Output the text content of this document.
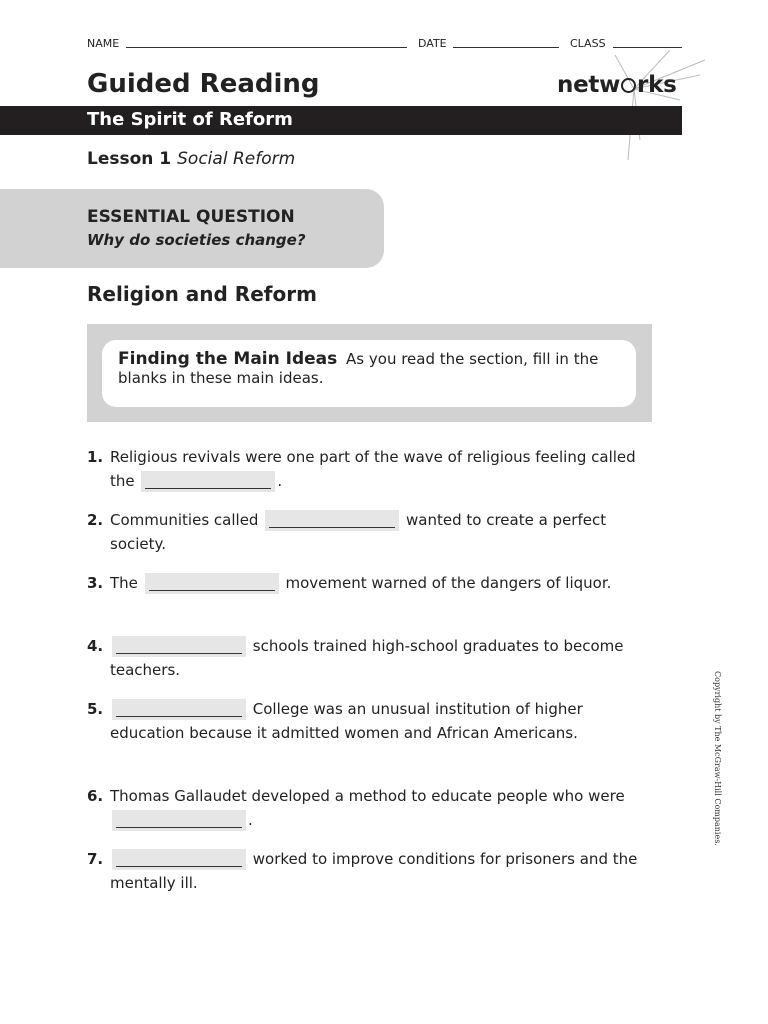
NAME	DATE	CLASS
Guided Reading	netw rks
The Spirit of Reform
Lesson 1 Social Reform
ESSENTIAL QUESTION
Why do societies change?
Religion and Reform
Finding the Main Ideas As you read the section, fill in the blanks in these main ideas.
1. Religious revivals were one part of the wave of religious feeling called the	.
2. Communities called	wanted to create a perfect society.
3. The	movement warned of the dangers of liquor.
4.	schools trained high-school graduates to become teachers.
5.	College was an unusual institution of higher education because it admitted women and African Americans.
6. Thomas Gallaudet developed a method to educate people who were .
7.	worked to improve conditions for prisoners and the mentally ill.
Copyright by The McGraw-Hill Companies.
